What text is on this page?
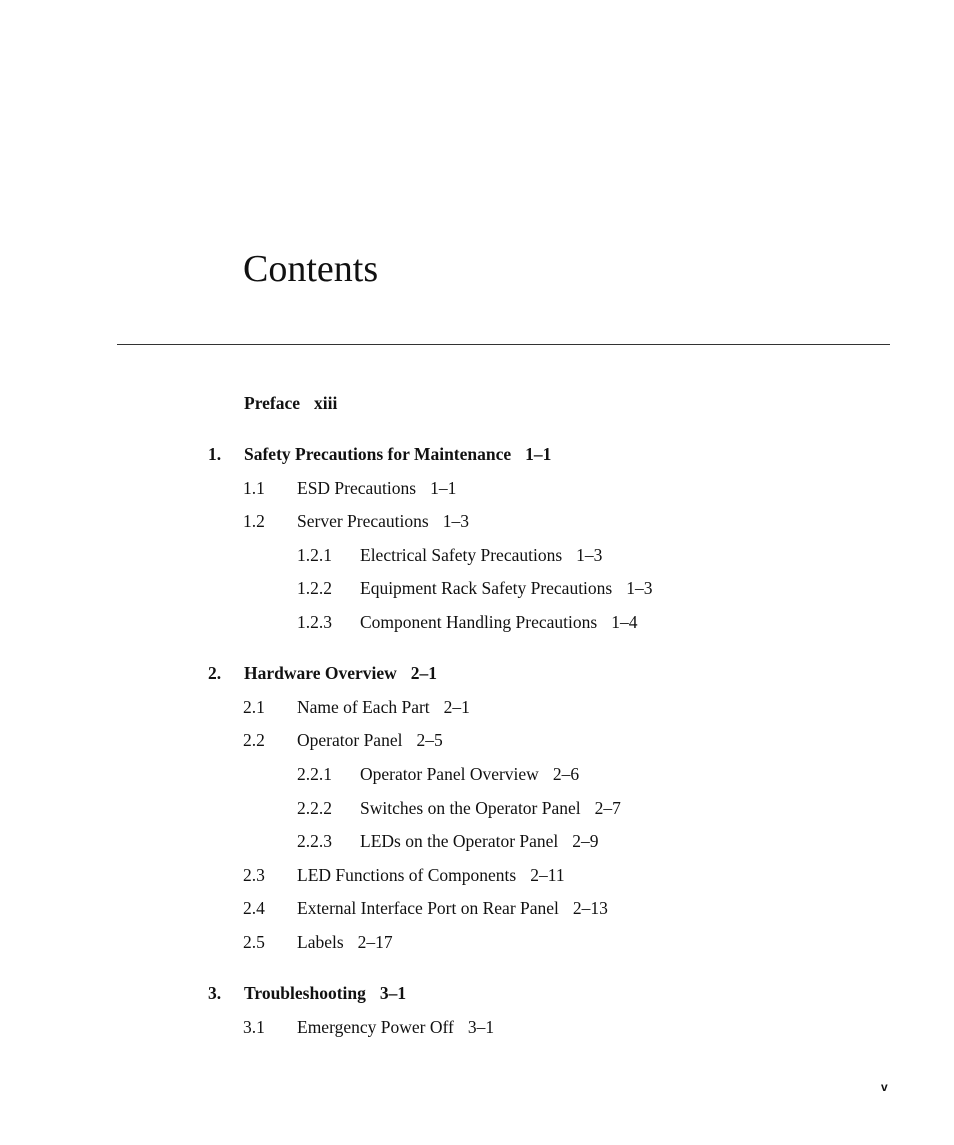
Contents
Preface xiii
1. Safety Precautions for Maintenance 1–1
1.1 ESD Precautions 1–1
1.2 Server Precautions 1–3
1.2.1 Electrical Safety Precautions 1–3
1.2.2 Equipment Rack Safety Precautions 1–3
1.2.3 Component Handling Precautions 1–4
2. Hardware Overview 2–1
2.1 Name of Each Part 2–1
2.2 Operator Panel 2–5
2.2.1 Operator Panel Overview 2–6
2.2.2 Switches on the Operator Panel 2–7
2.2.3 LEDs on the Operator Panel 2–9
2.3 LED Functions of Components 2–11
2.4 External Interface Port on Rear Panel 2–13
2.5 Labels 2–17
3. Troubleshooting 3–1
3.1 Emergency Power Off 3–1
v
